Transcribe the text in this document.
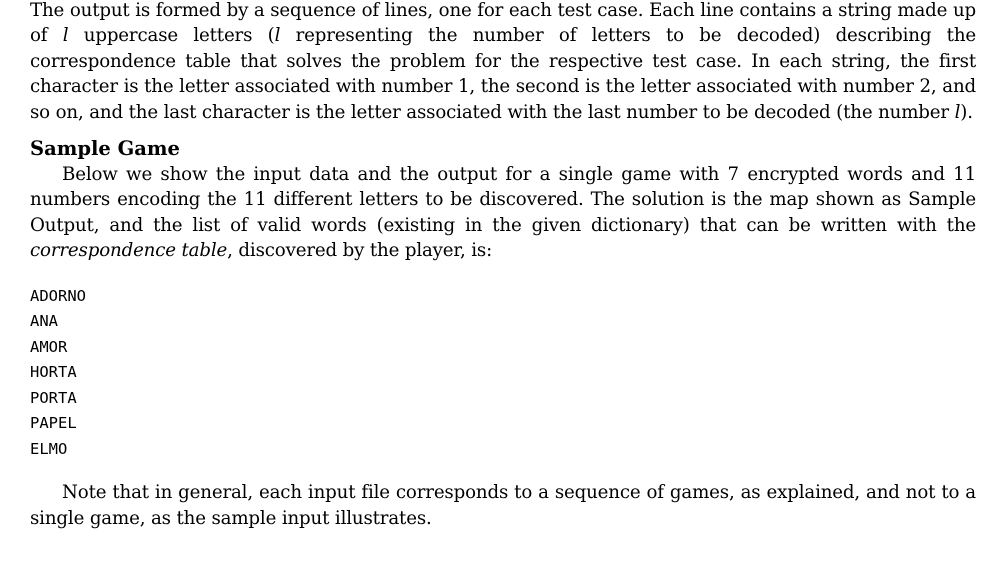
The output is formed by a sequence of lines, one for each test case. Each line contains a string made up of l uppercase letters (l representing the number of letters to be decoded) describing the correspondence table that solves the problem for the respective test case. In each string, the first character is the letter associated with number 1, the second is the letter associated with number 2, and so on, and the last character is the letter associated with the last number to be decoded (the number l).

Sample Game

Below we show the input data and the output for a single game with 7 encrypted words and 11 numbers encoding the 11 different letters to be discovered. The solution is the map shown as Sample Output, and the list of valid words (existing in the given dictionary) that can be written with the correspondence table, discovered by the player, is:

ADORNO
ANA
AMOR
HORTA
PORTA
PAPEL
ELMO

Note that in general, each input file corresponds to a sequence of games, as explained, and not to a single game, as the sample input illustrates.
